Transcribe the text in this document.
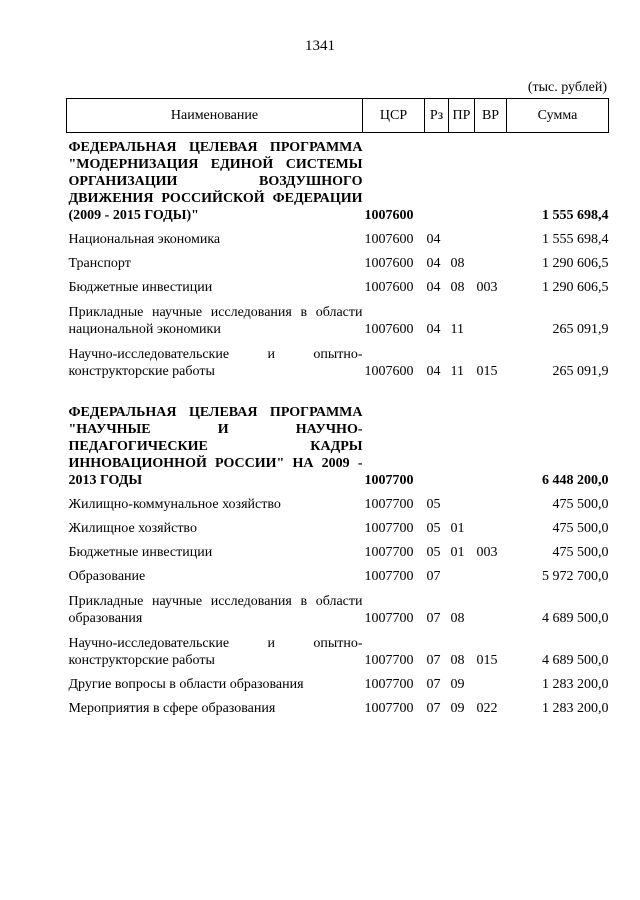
1341
(тыс. рублей)
Наименование	ЦСР	Рз	ПР	ВР	Сумма
ФЕДЕРАЛЬНАЯ ЦЕЛЕВАЯ ПРОГРАММА "МОДЕРНИЗАЦИЯ ЕДИНОЙ СИСТЕМЫ ОРГАНИЗАЦИИ ВОЗДУШНОГО ДВИЖЕНИЯ РОССИЙСКОЙ ФЕДЕРАЦИИ (2009 - 2015 ГОДЫ)"	1007600				1 555 698,4
Национальная экономика	1007600	04			1 555 698,4
Транспорт	1007600	04	08		1 290 606,5
Бюджетные инвестиции	1007600	04	08	003	1 290 606,5
Прикладные научные исследования в области национальной экономики	1007600	04	11		265 091,9
Научно-исследовательские и опытно-конструкторские работы	1007600	04	11	015	265 091,9
ФЕДЕРАЛЬНАЯ ЦЕЛЕВАЯ ПРОГРАММА "НАУЧНЫЕ И НАУЧНО-ПЕДАГОГИЧЕСКИЕ КАДРЫ ИННОВАЦИОННОЙ РОССИИ" НА 2009 - 2013 ГОДЫ	1007700				6 448 200,0
Жилищно-коммунальное хозяйство	1007700	05			475 500,0
Жилищное хозяйство	1007700	05	01		475 500,0
Бюджетные инвестиции	1007700	05	01	003	475 500,0
Образование	1007700	07			5 972 700,0
Прикладные научные исследования в области образования	1007700	07	08		4 689 500,0
Научно-исследовательские и опытно-конструкторские работы	1007700	07	08	015	4 689 500,0
Другие вопросы в области образования	1007700	07	09		1 283 200,0
Мероприятия в сфере образования	1007700	07	09	022	1 283 200,0
